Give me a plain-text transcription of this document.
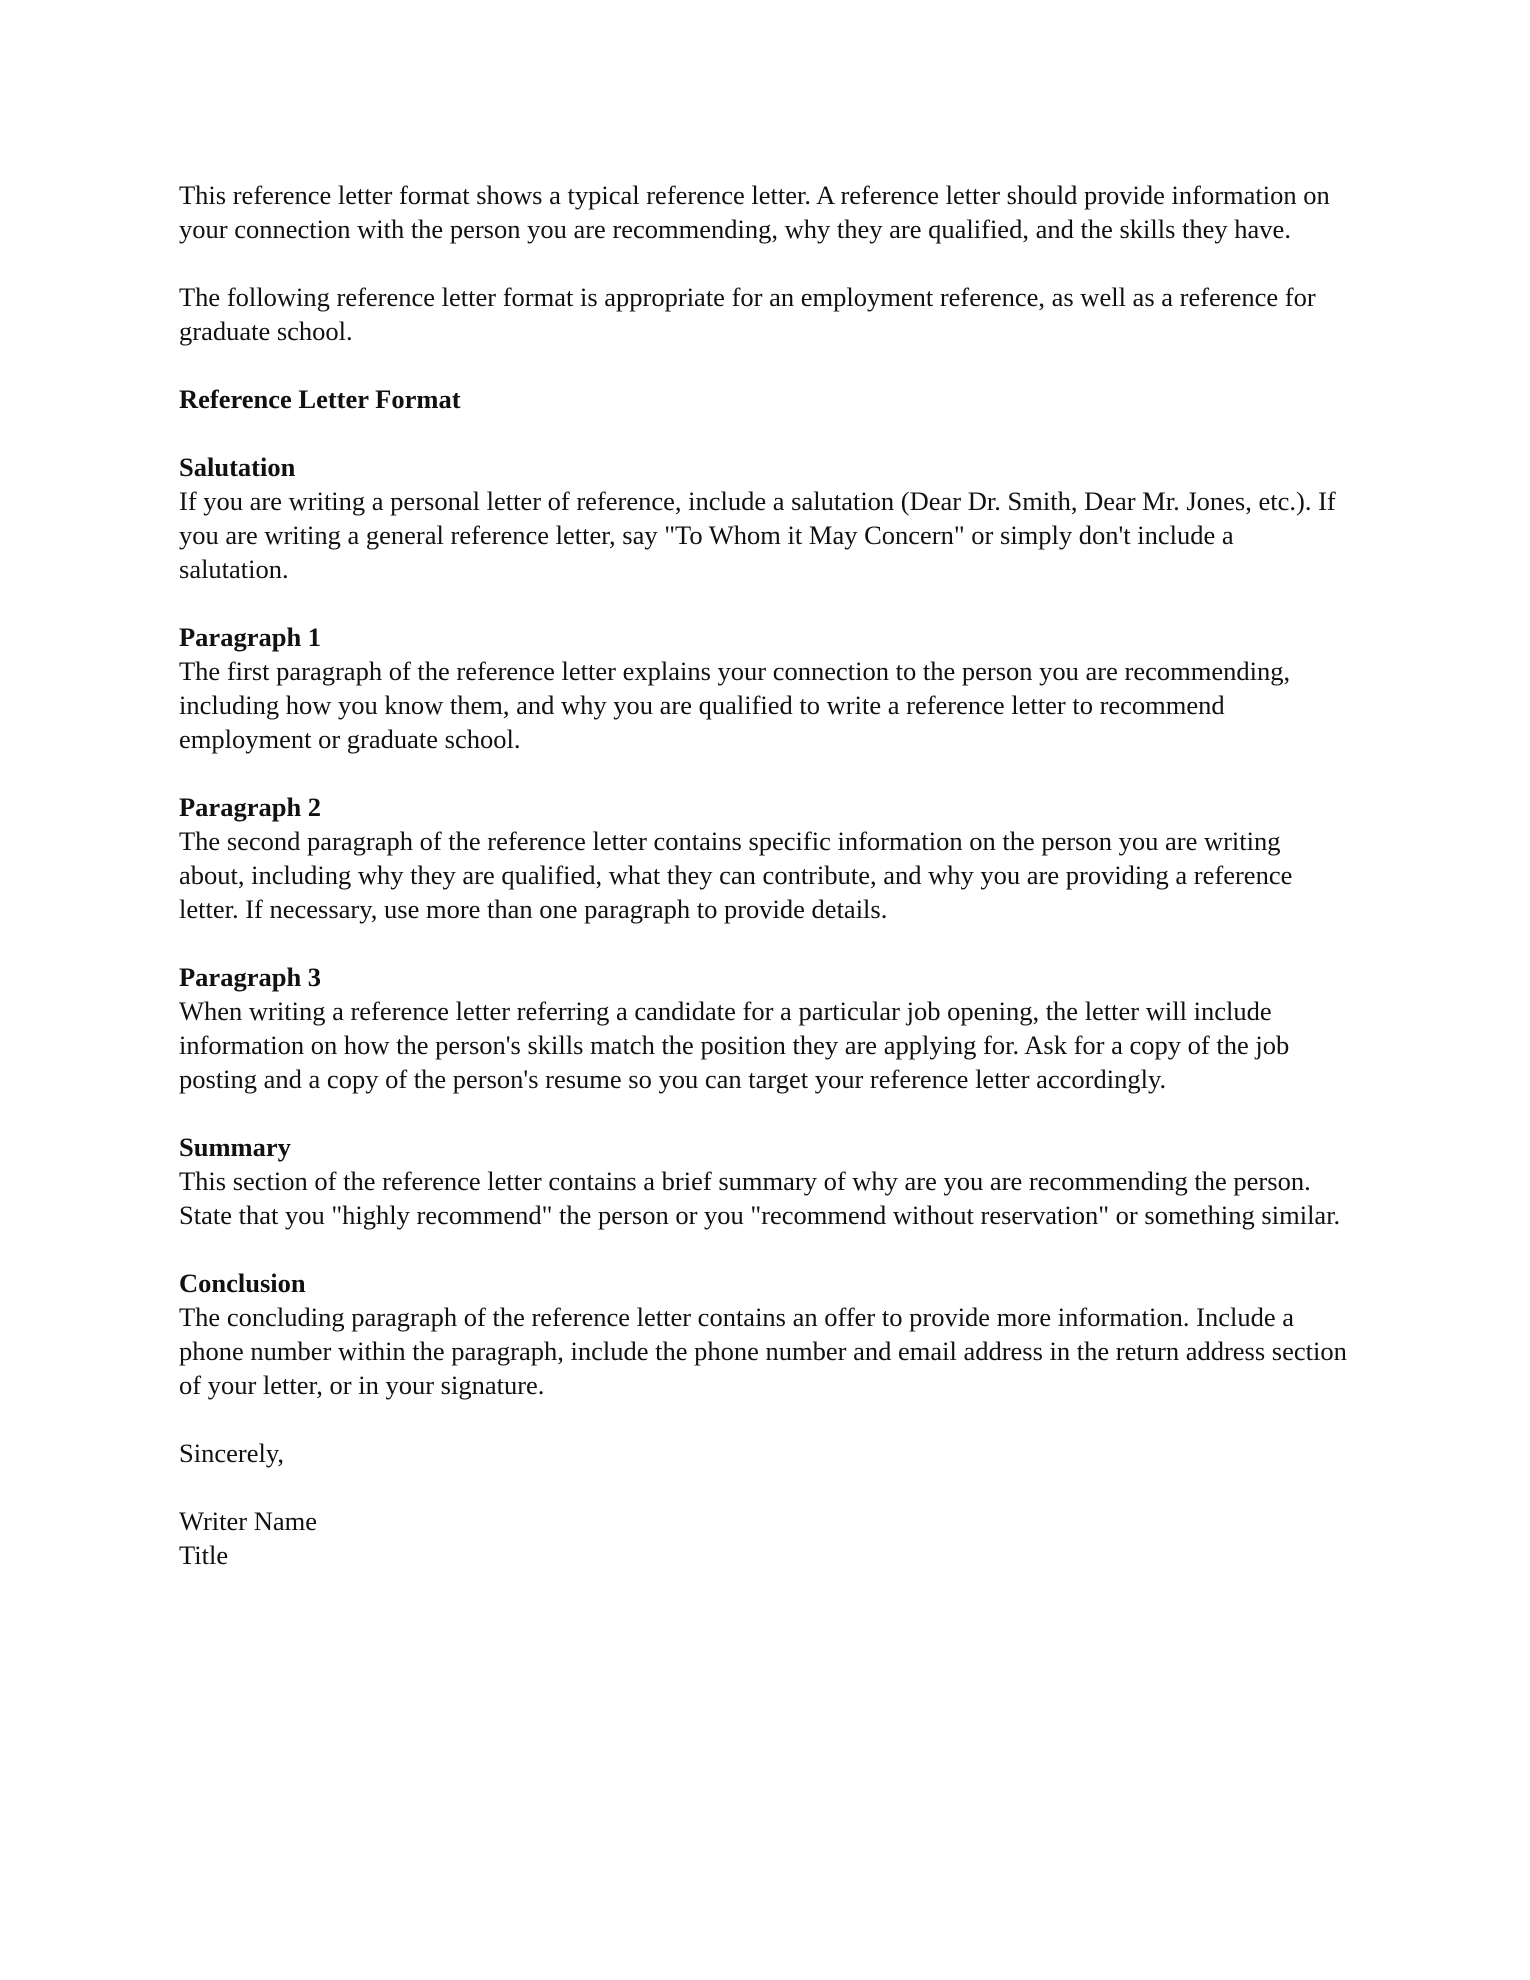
This reference letter format shows a typical reference letter. A reference letter should provide information on your connection with the person you are recommending, why they are qualified, and the skills they have.

The following reference letter format is appropriate for an employment reference, as well as a reference for graduate school.

Reference Letter Format

Salutation

If you are writing a personal letter of reference, include a salutation (Dear Dr. Smith, Dear Mr. Jones, etc.). If you are writing a general reference letter, say "To Whom it May Concern" or simply don't include a salutation.

Paragraph 1

The first paragraph of the reference letter explains your connection to the person you are recommending, including how you know them, and why you are qualified to write a reference letter to recommend employment or graduate school.

Paragraph 2

The second paragraph of the reference letter contains specific information on the person you are writing about, including why they are qualified, what they can contribute, and why you are providing a reference letter. If necessary, use more than one paragraph to provide details.

Paragraph 3

When writing a reference letter referring a candidate for a particular job opening, the letter will include information on how the person's skills match the position they are applying for. Ask for a copy of the job posting and a copy of the person's resume so you can target your reference letter accordingly.

Summary

This section of the reference letter contains a brief summary of why are you are recommending the person. State that you "highly recommend" the person or you "recommend without reservation" or something similar.

Conclusion

The concluding paragraph of the reference letter contains an offer to provide more information. Include a phone number within the paragraph, include the phone number and email address in the return address section of your letter, or in your signature.

Sincerely,

Writer Name
Title
